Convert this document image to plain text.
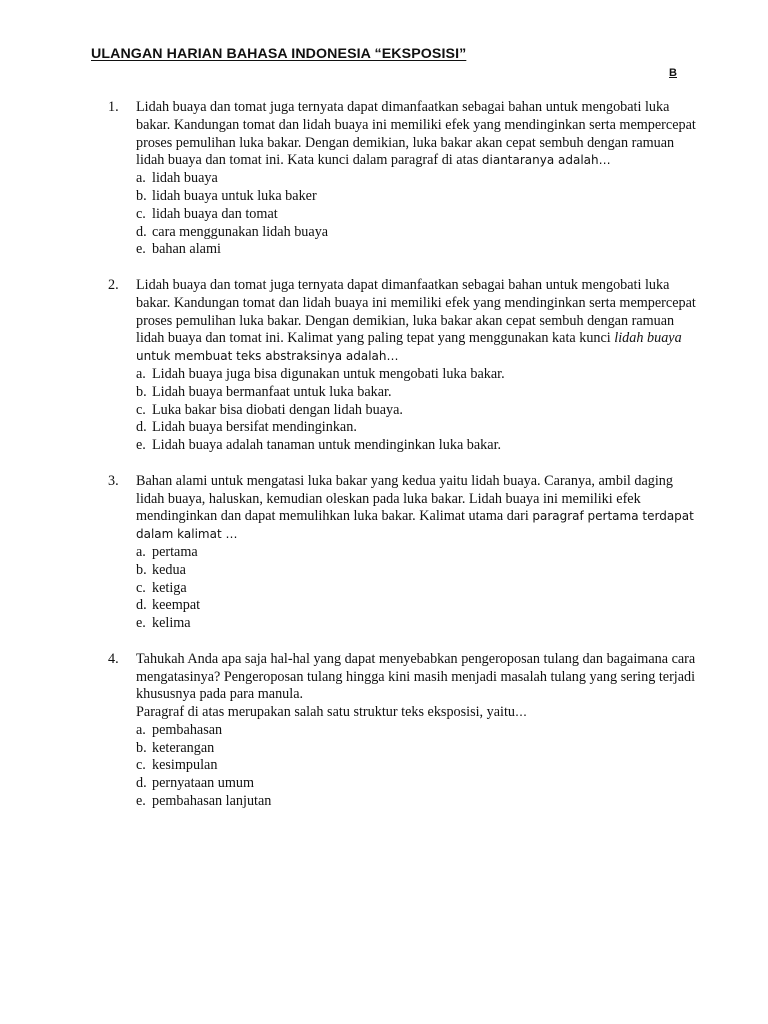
ULANGAN HARIAN BAHASA INDONESIA “EKSPOSISI”
B
1. Lidah buaya dan tomat juga ternyata dapat dimanfaatkan sebagai bahan untuk mengobati luka bakar. Kandungan tomat dan lidah buaya ini memiliki efek yang mendinginkan serta mempercepat proses pemulihan luka bakar. Dengan demikian, luka bakar akan cepat sembuh dengan ramuan lidah buaya dan tomat ini. Kata kunci dalam paragraf di atas diantaranya adalah…
a. lidah buaya
b. lidah buaya untuk luka baker
c. lidah buaya dan tomat
d. cara menggunakan lidah buaya
e. bahan alami
2. Lidah buaya dan tomat juga ternyata dapat dimanfaatkan sebagai bahan untuk mengobati luka bakar. Kandungan tomat dan lidah buaya ini memiliki efek yang mendinginkan serta mempercepat proses pemulihan luka bakar. Dengan demikian, luka bakar akan cepat sembuh dengan ramuan lidah buaya dan tomat ini. Kalimat yang paling tepat yang menggunakan kata kunci lidah buaya untuk membuat teks abstraksinya adalah…
a. Lidah buaya juga bisa digunakan untuk mengobati luka bakar.
b. Lidah buaya bermanfaat untuk luka bakar.
c. Luka bakar bisa diobati dengan lidah buaya.
d. Lidah buaya bersifat mendinginkan.
e. Lidah buaya adalah tanaman untuk mendinginkan luka bakar.
3. Bahan alami untuk mengatasi luka bakar yang kedua yaitu lidah buaya. Caranya, ambil daging lidah buaya, haluskan, kemudian oleskan pada luka bakar. Lidah buaya ini memiliki efek mendinginkan dan dapat memulihkan luka bakar. Kalimat utama dari paragraf pertama terdapat dalam kalimat …
a. pertama
b. kedua
c. ketiga
d. keempat
e. kelima
4. Tahukah Anda apa saja hal-hal yang dapat menyebabkan pengeroposan tulang dan bagaimana cara mengatasinya? Pengeroposan tulang hingga kini masih menjadi masalah tulang yang sering terjadi khususnya pada para manula.
Paragraf di atas merupakan salah satu struktur teks eksposisi, yaitu…
a. pembahasan
b. keterangan
c. kesimpulan
d. pernyataan umum
e. pembahasan lanjutan
